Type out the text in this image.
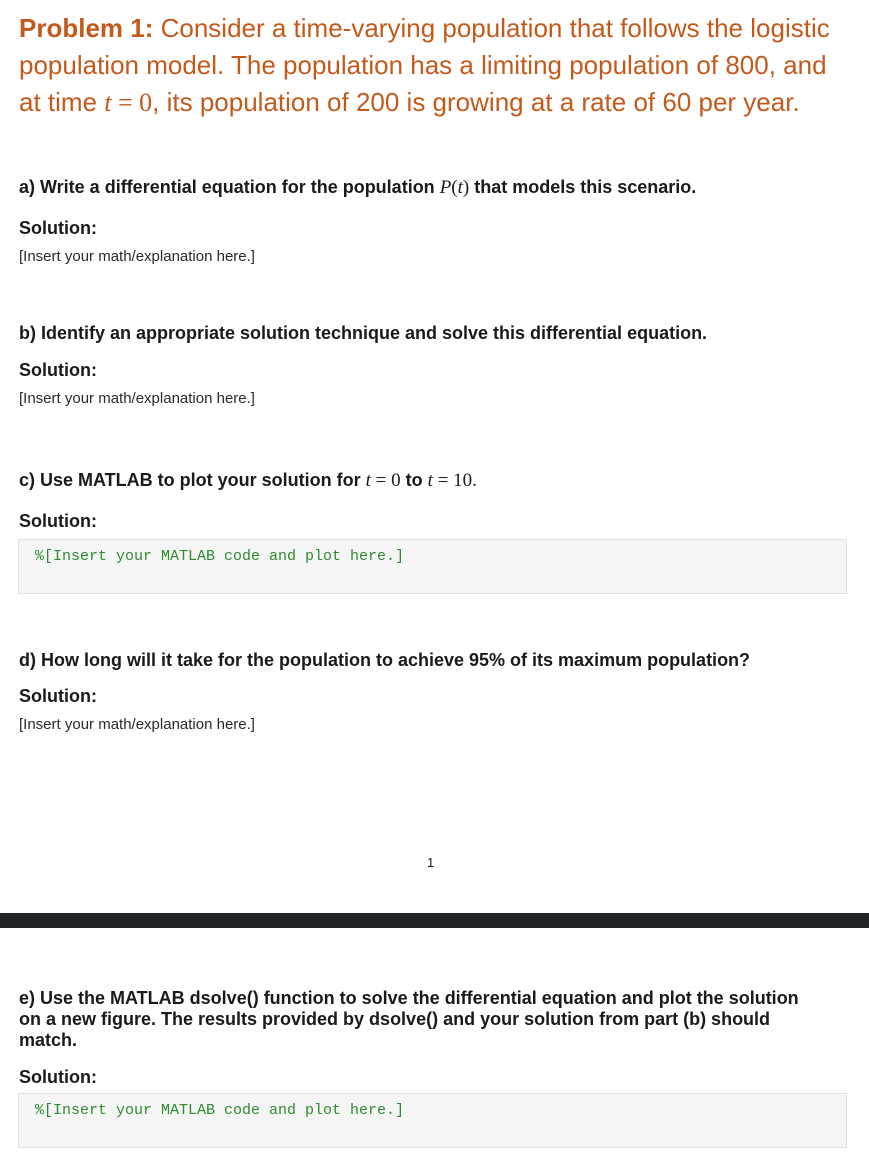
Problem 1: Consider a time-varying population that follows the logistic population model. The population has a limiting population of 800, and at time t = 0, its population of 200 is growing at a rate of 60 per year.
a) Write a differential equation for the population P(t) that models this scenario.
Solution:
[Insert your math/explanation here.]
b) Identify an appropriate solution technique and solve this differential equation.
Solution:
[Insert your math/explanation here.]
c) Use MATLAB to plot your solution for t = 0 to t = 10.
Solution:
%[Insert your MATLAB code and plot here.]
d) How long will it take for the population to achieve 95% of its maximum population?
Solution:
[Insert your math/explanation here.]
1
e) Use the MATLAB dsolve() function to solve the differential equation and plot the solution on a new figure. The results provided by dsolve() and your solution from part (b) should match.
Solution:
%[Insert your MATLAB code and plot here.]
